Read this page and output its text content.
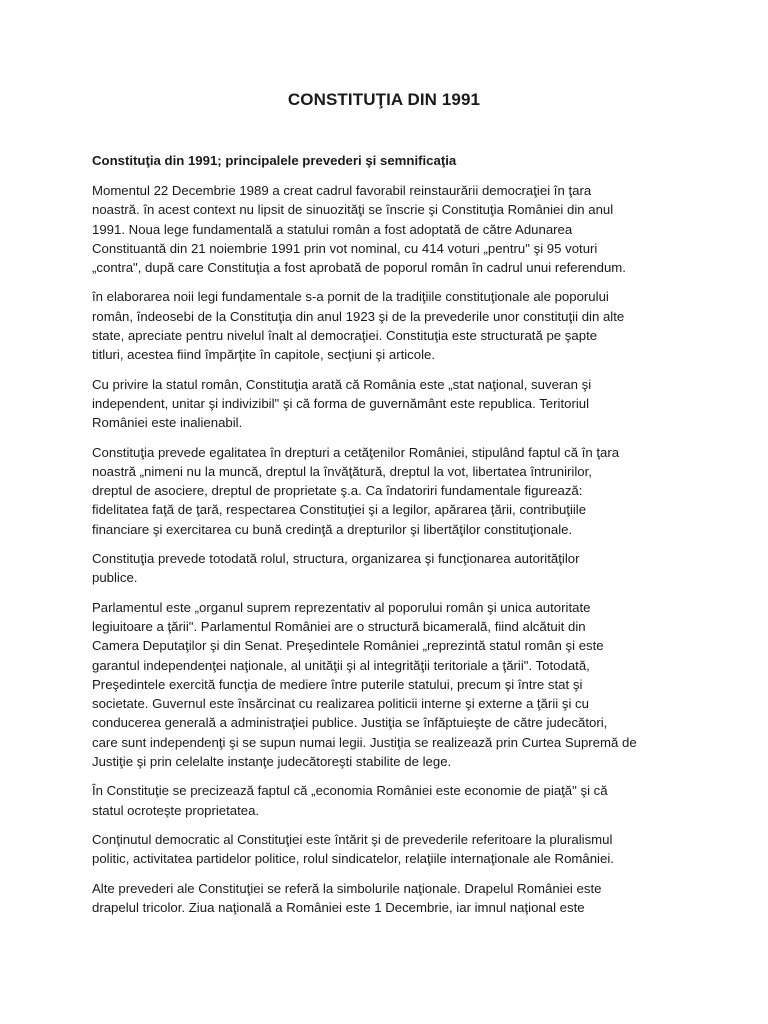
CONSTITUŢIA DIN 1991

Constituţia din 1991; principalele prevederi şi semnificaţia

Momentul 22 Decembrie 1989 a creat cadrul favorabil reinstaurării democraţiei în ţara
noastră. în acest context nu lipsit de sinuozităţi se înscrie şi Constituţia României din anul
1991. Noua lege fundamentală a statului român a fost adoptată de către Adunarea
Constituantă din 21 noiembrie 1991 prin vot nominal, cu 414 voturi „pentru" şi 95 voturi
„contra", după care Constituţia a fost aprobată de poporul român în cadrul unui referendum.

în elaborarea noii legi fundamentale s-a pornit de la tradiţiile constituţionale ale poporului
român, îndeosebi de la Constituţia din anul 1923 şi de la prevederile unor constituţii din alte
state, apreciate pentru nivelul înalt al democraţiei. Constituţia este structurată pe şapte
titluri, acestea fiind împărţite în capitole, secţiuni şi articole.

Cu privire la statul român, Constituţia arată că România este „stat naţional, suveran şi
independent, unitar şi indivizibil" şi că forma de guvernământ este republica. Teritoriul
României este inalienabil.

Constituţia prevede egalitatea în drepturi a cetăţenilor României, stipulând faptul că în ţara
noastră „nimeni nu la muncă, dreptul la învăţătură, dreptul la vot, libertatea întrunirilor,
dreptul de asociere, dreptul de proprietate ş.a. Ca îndatoriri fundamentale figurează:
fidelitatea faţă de ţară, respectarea Constituţiei şi a legilor, apărarea ţării, contribuţiile
financiare şi exercitarea cu bună credinţă a drepturilor şi libertăţilor constituţionale.

Constituţia prevede totodată rolul, structura, organizarea şi funcţionarea autorităţilor
publice.

Parlamentul este „organul suprem reprezentativ al poporului român şi unica autoritate
legiuitoare a ţării". Parlamentul României are o structură bicamerală, fiind alcătuit din
Camera Deputaţilor şi din Senat. Preşedintele României „reprezintă statul român şi este
garantul independenţei naţionale, al unităţii şi al integrităţii teritoriale a ţării". Totodată,
Preşedintele exercită funcţia de mediere între puterile statului, precum şi între stat şi
societate. Guvernul este însărcinat cu realizarea politicii interne şi externe a ţării şi cu
conducerea generală a administraţiei publice. Justiţia se înfăptuieşte de către judecători,
care sunt independenţi şi se supun numai legii. Justiţia se realizează prin Curtea Supremă de
Justiţie şi prin celelalte instanţe judecătoreşti stabilite de lege.

În Constituţie se precizează faptul că „economia României este economie de piaţă" şi că
statul ocroteşte proprietatea.

Conţinutul democratic al Constituţiei este întărit şi de prevederile referitoare la pluralismul
politic, activitatea partidelor politice, rolul sindicatelor, relaţiile internaţionale ale României.

Alte prevederi ale Constituţiei se referă la simbolurile naţionale. Drapelul României este
drapelul tricolor. Ziua naţională a României este 1 Decembrie, iar imnul naţional este
